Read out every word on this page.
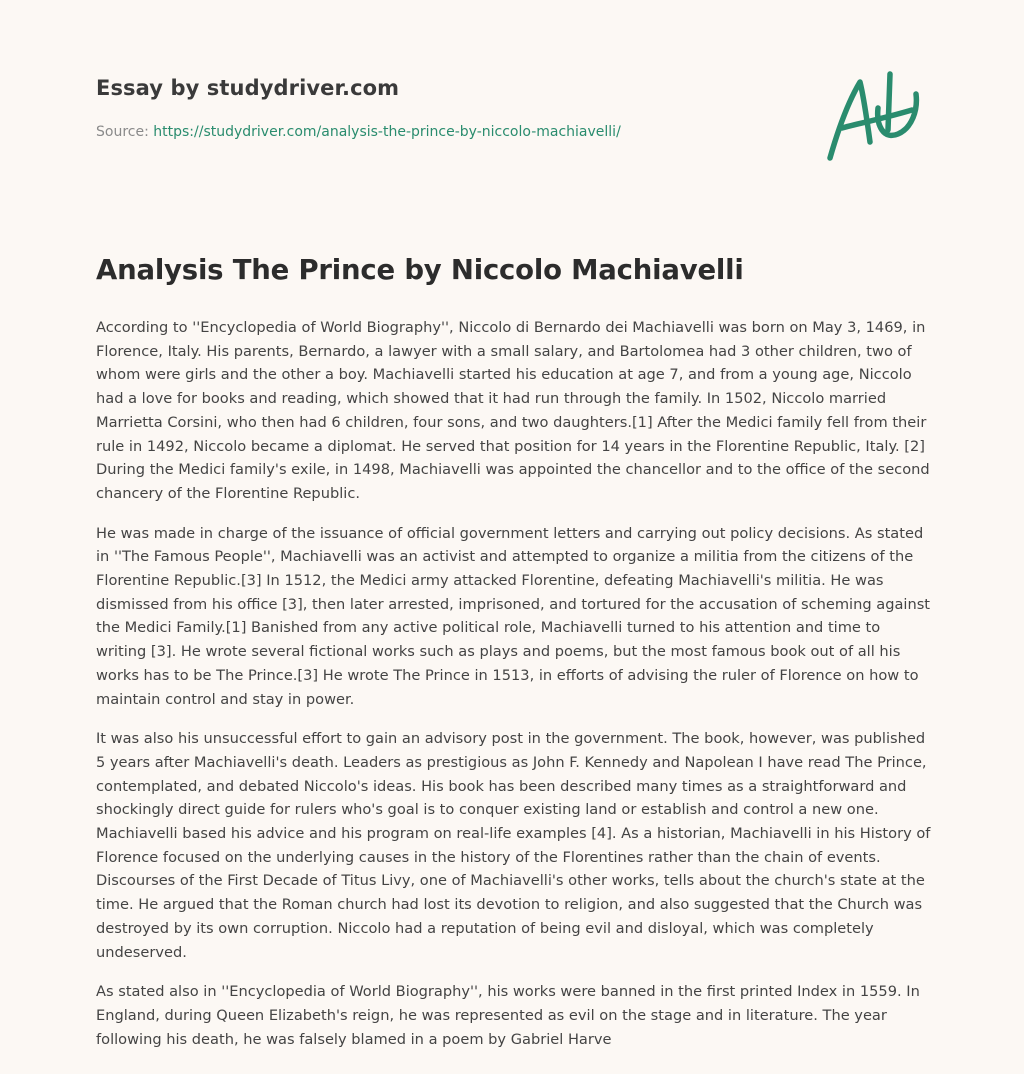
Essay by studydriver.com
Source: https://studydriver.com/analysis-the-prince-by-niccolo-machiavelli/
Analysis The Prince by Niccolo Machiavelli

According to ''Encyclopedia of World Biography'', Niccolo di Bernardo dei Machiavelli was born on May 3, 1469, in Florence, Italy. His parents, Bernardo, a lawyer with a small salary, and Bartolomea had 3 other children, two of whom were girls and the other a boy. Machiavelli started his education at age 7, and from a young age, Niccolo had a love for books and reading, which showed that it had run through the family. In 1502, Niccolo married Marrietta Corsini, who then had 6 children, four sons, and two daughters.[1] After the Medici family fell from their rule in 1492, Niccolo became a diplomat. He served that position for 14 years in the Florentine Republic, Italy. [2] During the Medici family's exile, in 1498, Machiavelli was appointed the chancellor and to the office of the second chancery of the Florentine Republic.

He was made in charge of the issuance of official government letters and carrying out policy decisions. As stated in ''The Famous People'', Machiavelli was an activist and attempted to organize a militia from the citizens of the Florentine Republic.[3] In 1512, the Medici army attacked Florentine, defeating Machiavelli's militia. He was dismissed from his office [3], then later arrested, imprisoned, and tortured for the accusation of scheming against the Medici Family.[1] Banished from any active political role, Machiavelli turned to his attention and time to writing [3]. He wrote several fictional works such as plays and poems, but the most famous book out of all his works has to be The Prince.[3] He wrote The Prince in 1513, in efforts of advising the ruler of Florence on how to maintain control and stay in power.

It was also his unsuccessful effort to gain an advisory post in the government. The book, however, was published 5 years after Machiavelli's death. Leaders as prestigious as John F. Kennedy and Napolean I have read The Prince, contemplated, and debated Niccolo's ideas. His book has been described many times as a straightforward and shockingly direct guide for rulers who's goal is to conquer existing land or establish and control a new one. Machiavelli based his advice and his program on real-life examples [4]. As a historian, Machiavelli in his History of Florence focused on the underlying causes in the history of the Florentines rather than the chain of events. Discourses of the First Decade of Titus Livy, one of Machiavelli's other works, tells about the church's state at the time. He argued that the Roman church had lost its devotion to religion, and also suggested that the Church was destroyed by its own corruption. Niccolo had a reputation of being evil and disloyal, which was completely undeserved.

As stated also in ''Encyclopedia of World Biography'', his works were banned in the first printed Index in 1559. In England, during Queen Elizabeth's reign, he was represented as evil on the stage and in literature. The year following his death, he was falsely blamed in a poem by Gabriel Harve
